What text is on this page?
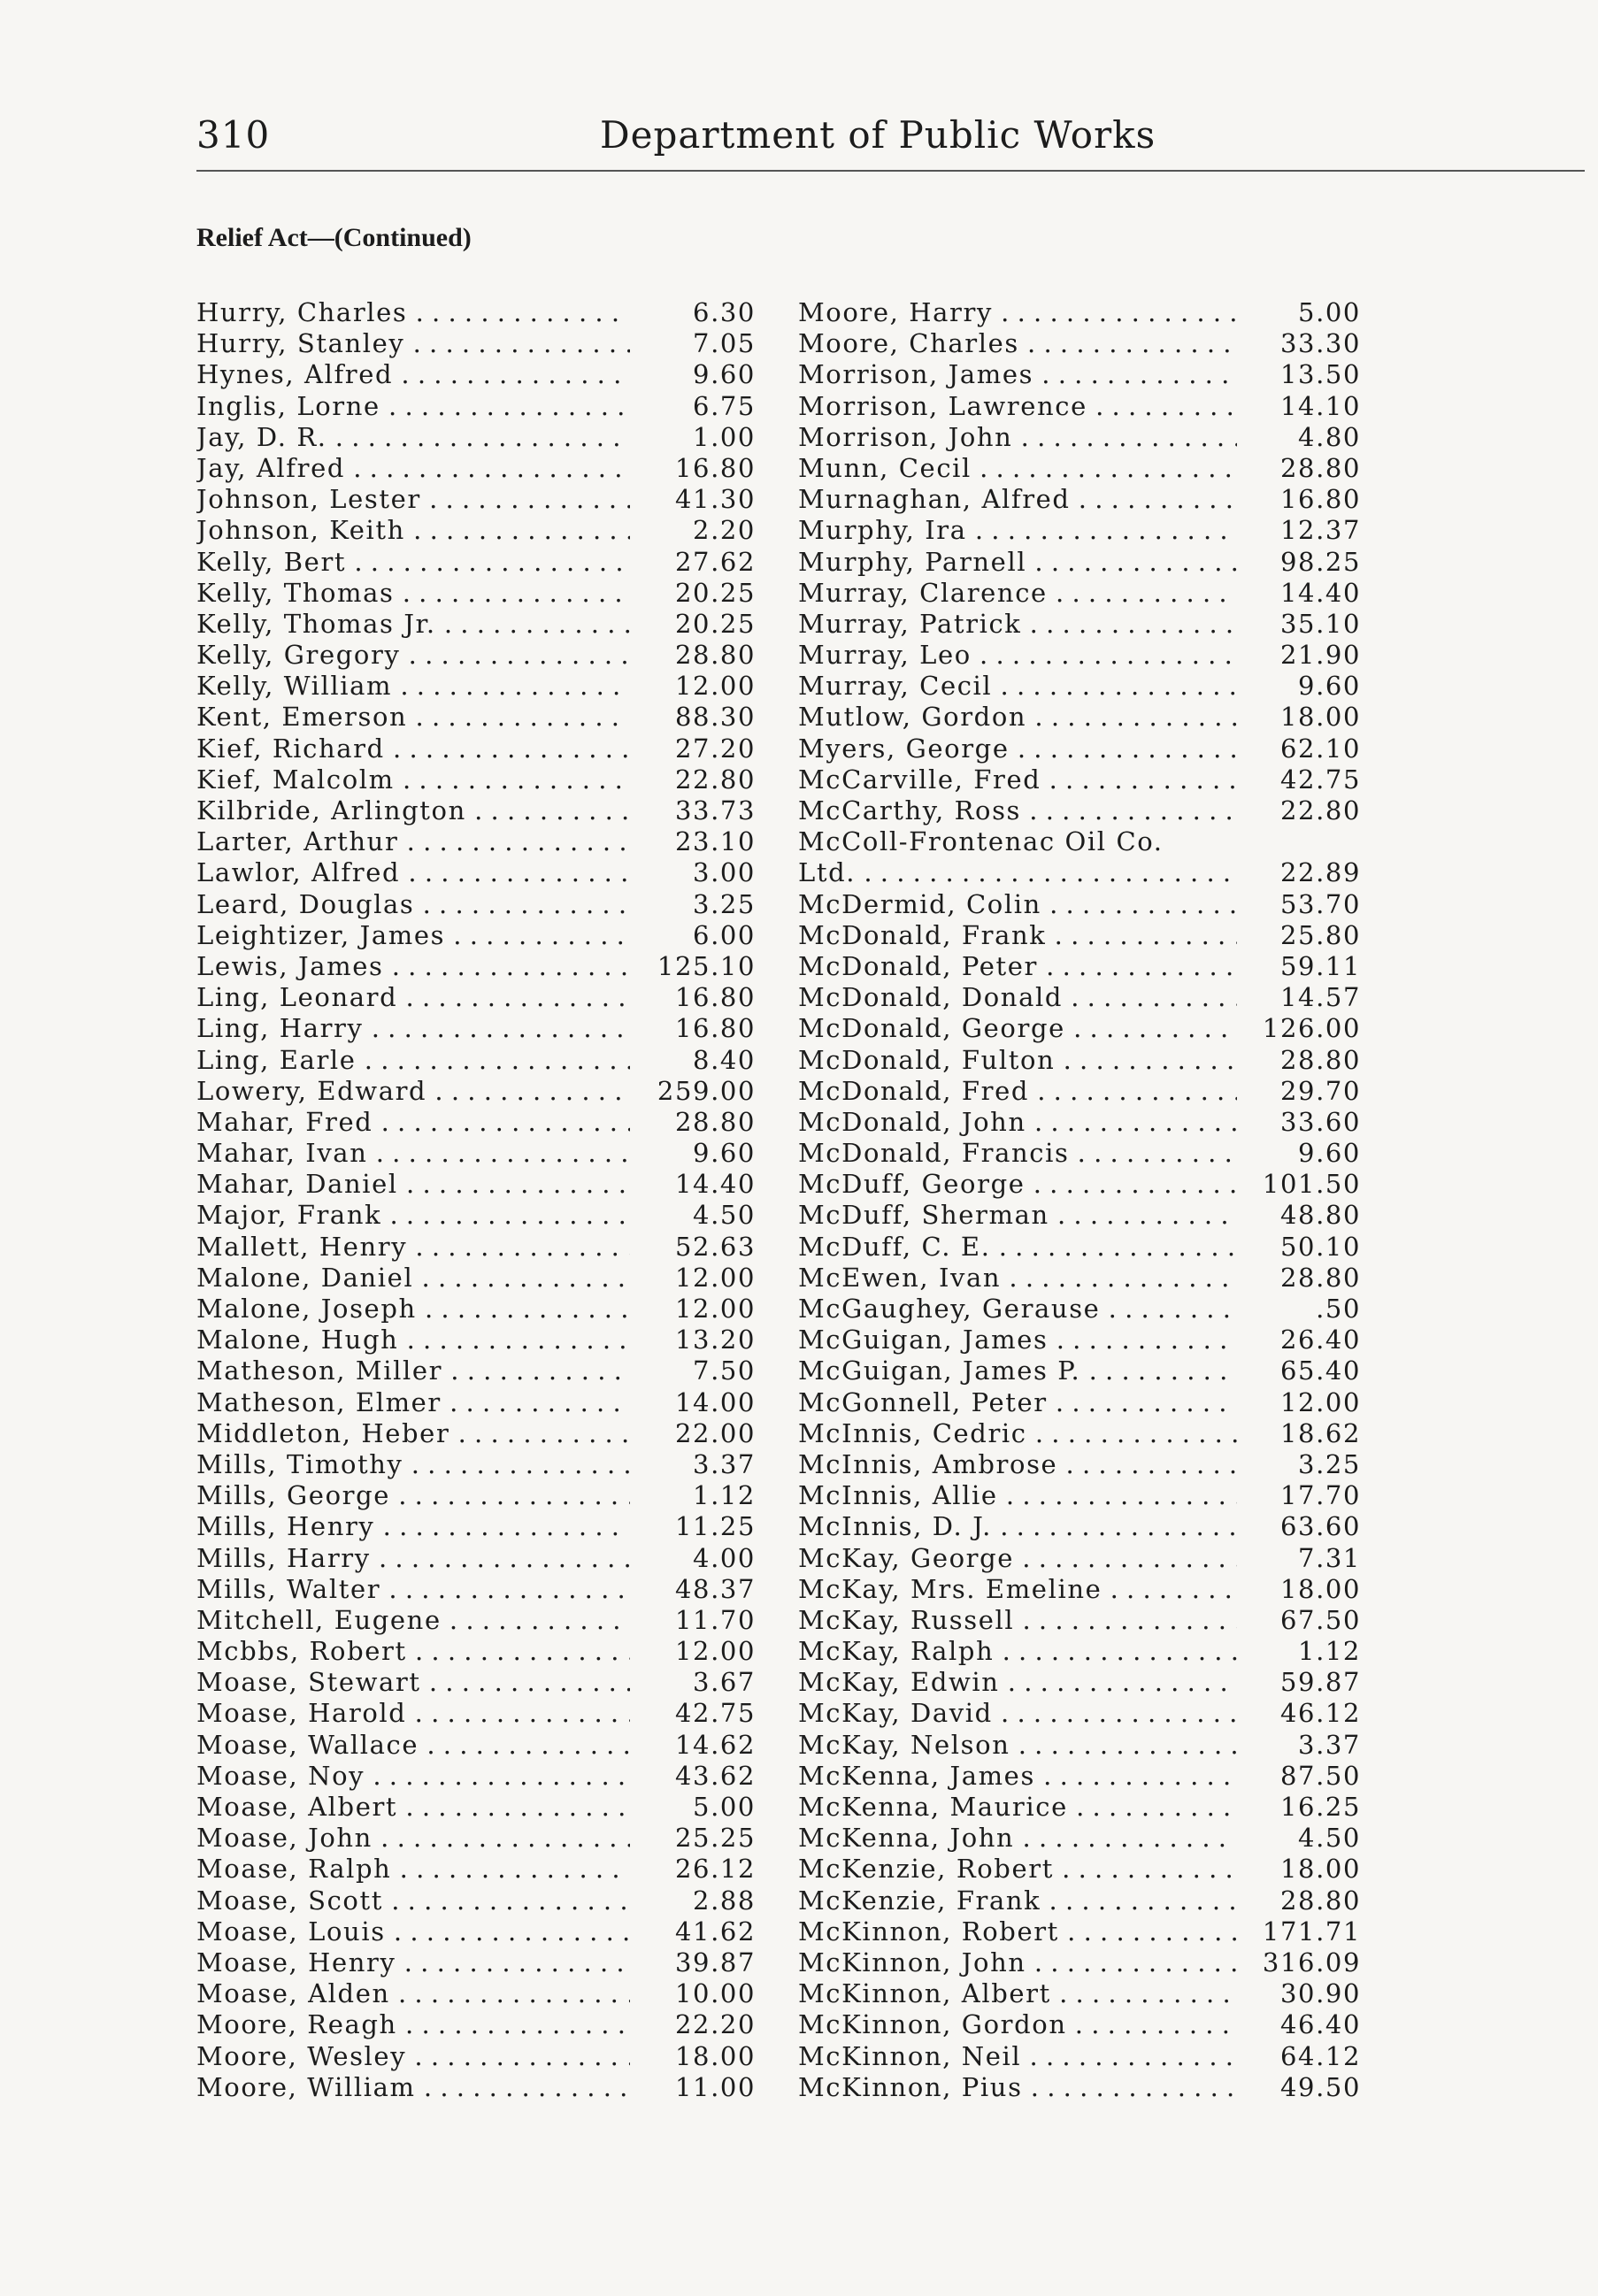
310	Department of Public Works
Relief Act—(Continued)
Hurry, Charles . . .	6.30
Hurry, Stanley . . .	7.05
Hynes, Alfred . . .	9.60
Inglis, Lorne . . .	6.75
Jay, D. R. . . .	1.00
Jay, Alfred . . .	16.80
Johnson, Lester . . .	41.30
Johnson, Keith . . .	2.20
Kelly, Bert . . .	27.62
Kelly, Thomas . . .	20.25
Kelly, Thomas Jr. . . .	20.25
Kelly, Gregory . . .	28.80
Kelly, William . . .	12.00
Kent, Emerson . . .	88.30
Kief, Richard . . .	27.20
Kief, Malcolm . . .	22.80
Kilbride, Arlington . . .	33.73
Larter, Arthur . . .	23.10
Lawlor, Alfred . . .	3.00
Leard, Douglas . . .	3.25
Leightizer, James . . .	6.00
Lewis, James . . .	125.10
Ling, Leonard . . .	16.80
Ling, Harry . . .	16.80
Ling, Earle . . .	8.40
Lowery, Edward . . .	259.00
Mahar, Fred . . .	28.80
Mahar, Ivan . . .	9.60
Mahar, Daniel . . .	14.40
Major, Frank . . .	4.50
Mallett, Henry . . .	52.63
Malone, Daniel . . .	12.00
Malone, Joseph . . .	12.00
Malone, Hugh . . .	13.20
Matheson, Miller . . .	7.50
Matheson, Elmer . . .	14.00
Middleton, Heber . . .	22.00
Mills, Timothy . . .	3.37
Mills, George . . .	1.12
Mills, Henry . . .	11.25
Mills, Harry . . .	4.00
Mills, Walter . . .	48.37
Mitchell, Eugene . . .	11.70
Mcbbs, Robert . . .	12.00
Moase, Stewart . . .	3.67
Moase, Harold . . .	42.75
Moase, Wallace . . .	14.62
Moase, Noy . . .	43.62
Moase, Albert . . .	5.00
Moase, John . . .	25.25
Moase, Ralph . . .	26.12
Moase, Scott . . .	2.88
Moase, Louis . . .	41.62
Moase, Henry . . .	39.87
Moase, Alden . . .	10.00
Moore, Reagh . . .	22.20
Moore, Wesley . . .	18.00
Moore, William . . .	11.00
Moore, Harry . . .	5.00
Moore, Charles . . .	33.30
Morrison, James . . .	13.50
Morrison, Lawrence . . .	14.10
Morrison, John . . .	4.80
Munn, Cecil . . .	28.80
Murnaghan, Alfred . . .	16.80
Murphy, Ira . . .	12.37
Murphy, Parnell . . .	98.25
Murray, Clarence . . .	14.40
Murray, Patrick . . .	35.10
Murray, Leo . . .	21.90
Murray, Cecil . . .	9.60
Mutlow, Gordon . . .	18.00
Myers, George . . .	62.10
McCarville, Fred . . .	42.75
McCarthy, Ross . . .	22.80
McColl-Frontenac Oil Co.
Ltd. . . .	22.89
McDermid, Colin . . .	53.70
McDonald, Frank . . .	25.80
McDonald, Peter . . .	59.11
McDonald, Donald . . .	14.57
McDonald, George . . .	126.00
McDonald, Fulton . . .	28.80
McDonald, Fred . . .	29.70
McDonald, John . . .	33.60
McDonald, Francis . . .	9.60
McDuff, George . . .	101.50
McDuff, Sherman . . .	48.80
McDuff, C. E. . . .	50.10
McEwen, Ivan . . .	28.80
McGaughey, Gerause . . .	.50
McGuigan, James . . .	26.40
McGuigan, James P. . . .	65.40
McGonnell, Peter . . .	12.00
McInnis, Cedric . . .	18.62
McInnis, Ambrose . . .	3.25
McInnis, Allie . . .	17.70
McInnis, D. J. . . .	63.60
McKay, George . . .	7.31
McKay, Mrs. Emeline . . .	18.00
McKay, Russell . . .	67.50
McKay, Ralph . . .	1.12
McKay, Edwin . . .	59.87
McKay, David . . .	46.12
McKay, Nelson . . .	3.37
McKenna, James . . .	87.50
McKenna, Maurice . . .	16.25
McKenna, John . . .	4.50
McKenzie, Robert . . .	18.00
McKenzie, Frank . . .	28.80
McKinnon, Robert . . .	171.71
McKinnon, John . . .	316.09
McKinnon, Albert . . .	30.90
McKinnon, Gordon . . .	46.40
McKinnon, Neil . . .	64.12
McKinnon, Pius . . .	49.50
